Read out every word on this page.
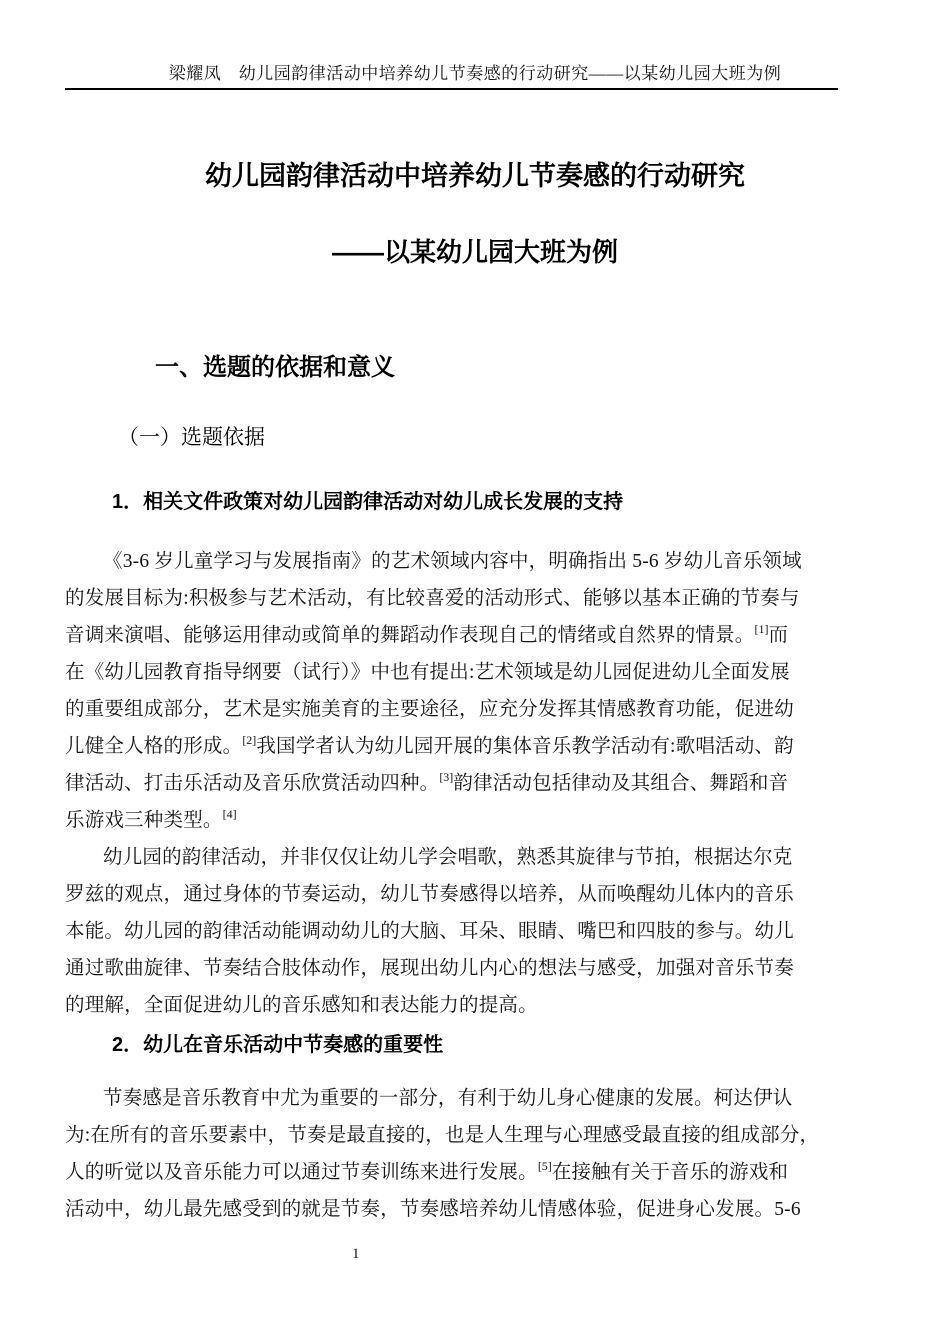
梁耀凤　幼儿园韵律活动中培养幼儿节奏感的行动研究——以某幼儿园大班为例
幼儿园韵律活动中培养幼儿节奏感的行动研究
——以某幼儿园大班为例
一、选题的依据和意义
（一）选题依据
1．相关文件政策对幼儿园韵律活动对幼儿成长发展的支持
《3-6 岁儿童学习与发展指南》的艺术领域内容中，明确指出 5-6 岁幼儿音乐领域
的发展目标为:积极参与艺术活动，有比较喜爱的活动形式、能够以基本正确的节奏与
音调来演唱、能够运用律动或简单的舞蹈动作表现自己的情绪或自然界的情景。[1]而
在《幼儿园教育指导纲要（试行）》中也有提出:艺术领域是幼儿园促进幼儿全面发展
的重要组成部分，艺术是实施美育的主要途径，应充分发挥其情感教育功能，促进幼
儿健全人格的形成。[2]我国学者认为幼儿园开展的集体音乐教学活动有:歌唱活动、韵
律活动、打击乐活动及音乐欣赏活动四种。[3]韵律活动包括律动及其组合、舞蹈和音
乐游戏三种类型。[4]
幼儿园的韵律活动，并非仅仅让幼儿学会唱歌，熟悉其旋律与节拍，根据达尔克
罗兹的观点，通过身体的节奏运动，幼儿节奏感得以培养，从而唤醒幼儿体内的音乐
本能。幼儿园的韵律活动能调动幼儿的大脑、耳朵、眼睛、嘴巴和四肢的参与。幼儿
通过歌曲旋律、节奏结合肢体动作，展现出幼儿内心的想法与感受，加强对音乐节奏
的理解，全面促进幼儿的音乐感知和表达能力的提高。
2．幼儿在音乐活动中节奏感的重要性
节奏感是音乐教育中尤为重要的一部分，有利于幼儿身心健康的发展。柯达伊认
为:在所有的音乐要素中，节奏是最直接的，也是人生理与心理感受最直接的组成部分，
人的听觉以及音乐能力可以通过节奏训练来进行发展。[5]在接触有关于音乐的游戏和
活动中，幼儿最先感受到的就是节奏，节奏感培养幼儿情感体验，促进身心发展。5-6
1
